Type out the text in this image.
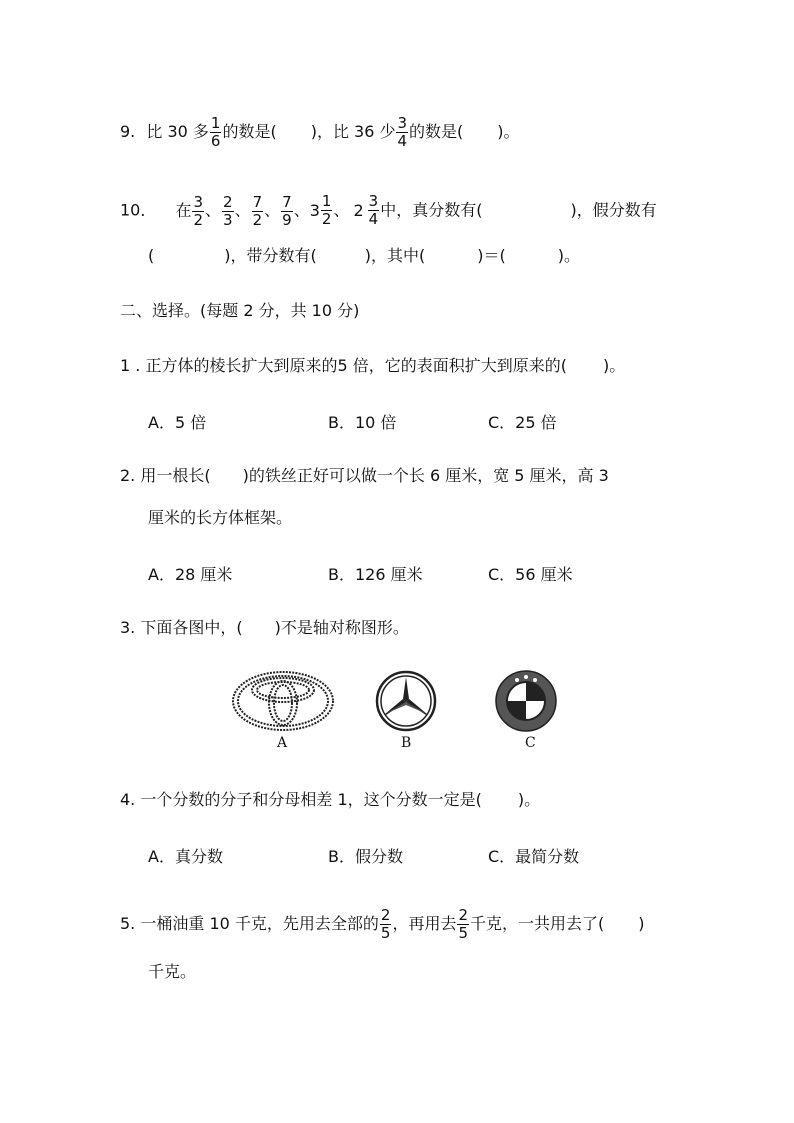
9. 比 30 多 $\frac{1}{6}$ 的数是( )，比 36 少 $\frac{3}{4}$ 的数是( )。
10． 在 $\frac{3}{2}$ 、 $\frac{2}{3}$ 、 $\frac{7}{2}$ 、 $\frac{7}{9}$ 、 $3 \frac{1}{2}$ 、 $2 \frac{3}{4}$ 中，真分数有(	)，假分数有
(	)，带分数有(	)，其中(	)＝(	)。
二、选择。(每题 2 分，共 10 分)
1 . 正方体的棱长扩大到原来的5 倍，它的表面积扩大到原来的( )。
A．5 倍	B．10 倍	C．25 倍
2. 用一根长( )的铁丝正好可以做一个长 6 厘米，宽 5 厘米，高 3
厘米的长方体框架。
A．28 厘米	B．126 厘米	C．56 厘米
3. 下面各图中，( )不是轴对称图形。
A	B	C
4. 一个分数的分子和分母相差 1，这个分数一定是( )。
A．真分数	B．假分数	C．最简分数
5. 一桶油重 10 千克，先用去全部的 $\frac{2}{5}$ ，再用去 $\frac{2}{5}$ 千克，一共用去了( )
千克。
